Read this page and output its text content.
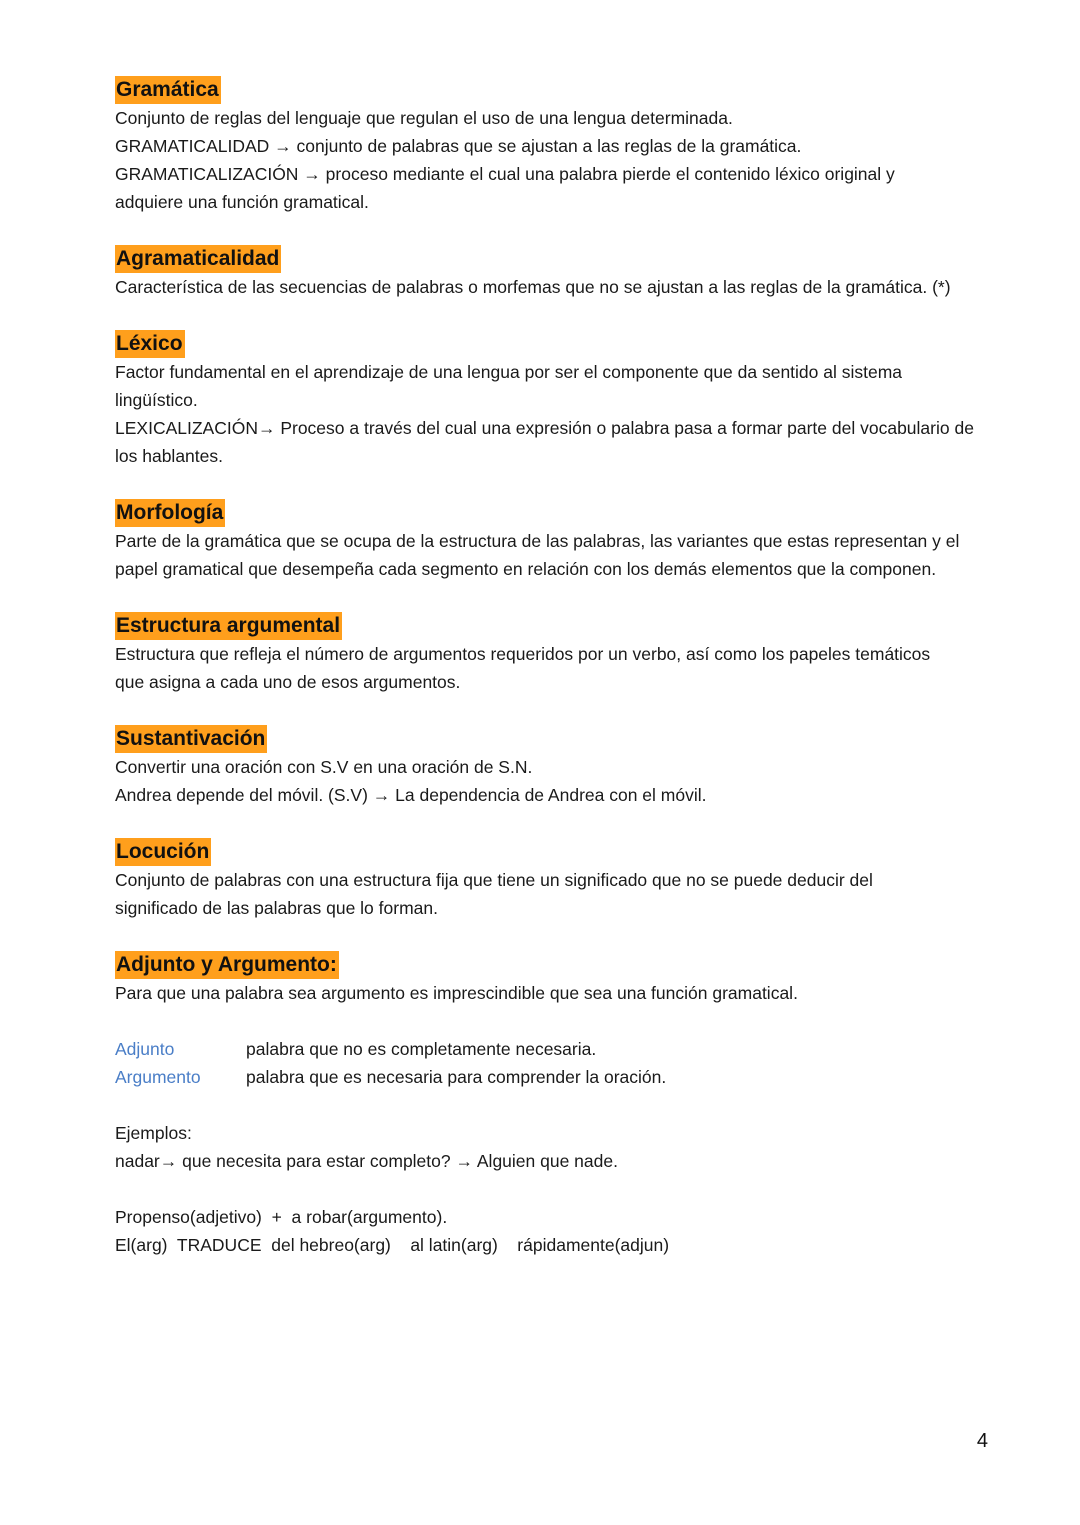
Gramática

Conjunto de reglas del lenguaje que regulan el uso de una lengua determinada.

GRAMATICALIDAD → conjunto de palabras que se ajustan a las reglas de la gramática.

GRAMATICALIZACIÓN → proceso mediante el cual una palabra pierde el contenido léxico original y

adquiere una función gramatical.

Agramaticalidad

Característica de las secuencias de palabras o morfemas que no se ajustan a las reglas de la gramática. (*)

Léxico

Factor fundamental en el aprendizaje de una lengua por ser el componente que da sentido al sistema

lingüístico.

LEXICALIZACIÓN→ Proceso a través del cual una expresión o palabra pasa a formar parte del vocabulario de

los hablantes.

Morfología

Parte de la gramática que se ocupa de la estructura de las palabras, las variantes que estas representan y el

papel gramatical que desempeña cada segmento en relación con los demás elementos que la componen.

Estructura argumental

Estructura que refleja el número de argumentos requeridos por un verbo, así como los papeles temáticos

que asigna a cada uno de esos argumentos.

Sustantivación

Convertir una oración con S.V en una oración de S.N.

Andrea depende del móvil. (S.V) → La dependencia de Andrea con el móvil.

Locución

Conjunto de palabras con una estructura fija que tiene un significado que no se puede deducir del

significado de las palabras que lo forman.

Adjunto y Argumento:

Para que una palabra sea argumento es imprescindible que sea una función gramatical.

Adjunto	palabra que no es completamente necesaria.
Argumento	palabra que es necesaria para comprender la oración.

Ejemplos:

nadar→ que necesita para estar completo? → Alguien que nade.

Propenso(adjetivo)  +  a robar(argumento).

El(arg)  TRADUCE  del hebreo(arg)    al latin(arg)    rápidamente(adjun)

4
